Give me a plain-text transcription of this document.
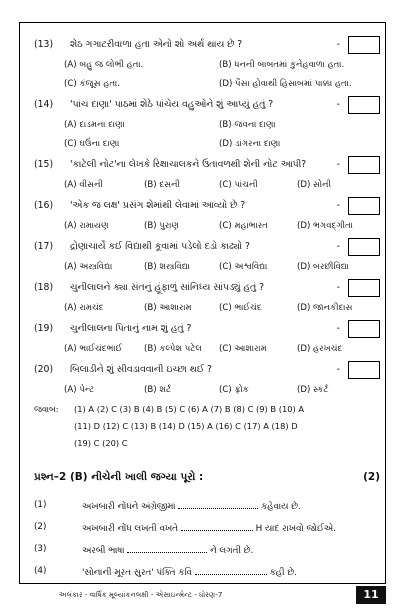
(13) શેઠ ગગાટરીવાળા હતા એનો શો અર્થ થાય છે ?	-
(A) બહુ જ લોભી હતા.	(B) ધનની બાબતમાં કુનેહવાળા હતા.
(C) કંજૂસ હતા.	(D) પૈસા હોવાથી હિસાબમાં પાક્કા હતા.
(14) 'પાંચ દાણા' પાઠમાં શેઠે પાંચેય વહુઓને શું આપ્યું હતું ?	-
(A) દાડમના દાણા	(B) જવના દાણા
(C) ઘઉંના દાણા	(D) ડાંગરના દાણા
(15) 'કાટેલી નોટ'ના લેખકે રિક્ષાચાલકને ઉતાવળથી શેની નોટ આપી?	-
(A) વીસની	(B) દસની	(C) પાંચની	(D) સોની
(16) 'એક જ લક્ષ' પ્રસંગ શેમાંથી લેવામાં આવ્યો છે ?	-
(A) રામાયણ	(B) પુરાણ	(C) મહાભારત	(D) ભગવદ્‌ગીતા
(17) દ્રોણાચાર્યે કઈ વિદ્યાથી કૂવામાં પડેલો દડો કાઢ્યો ?	-
(A) અસ્ત્રવિદ્યા	(B) શસ્ત્રવિદ્યા	(C) અશ્વવિદ્યા	(D) બરછીવિદ્યા
(18) ચુનીલાલને ક્યા સંતનું હૂંફાળું સાંનિધ્ય સાંપડ્યું હતું ?	-
(A) રામચંદ	(B) આશારામ	(C) ભાઈચંદ	(D) જાનકીદાસ
(19) ચુનીલાલના પિતાનું નામ શું હતું ?	-
(A) ભાઈચંદભાઈ	(B) કલ્પેશ પટેલ (C) આશારામ	(D) હરખચંદ
(20) બિલાડીને શું સીવડાવવાની ઇચ્છા થઈ ?	-
(A) પેન્ટ	(B) શર્ટ	(C) ફ્રોક	(D) સ્કર્ટ
જવાબ: (1) A (2) C (3) B (4) B (5) C (6) A (7) B (8) C (9) B (10) A
(11) D (12) C (13) B (14) D (15) A (16) C (17) A (18) D
(19) C (20) C
પ્રશ્ન–2 (B) નીચેની ખાલી જગ્યા પૂરો :	(2)
(1)	અખબારી નોંધને અંગ્રેજીમાં	કહેવાય છે.
(2)	અખબારી નોંધ લખતી વખતે	H યાદ રાખવો જોઈએ.
(3)	અરબી ભાષા	ને લગતી છે.
(4)	'સોનાની મૂરત સુરત' પંક્તિ કવિ	કહી છે.
અલંકાર - વાર્ષિક મૂલ્યાંકનલક્ષી - એસાઇન્મેન્ટ - ધોરણ-7	11
